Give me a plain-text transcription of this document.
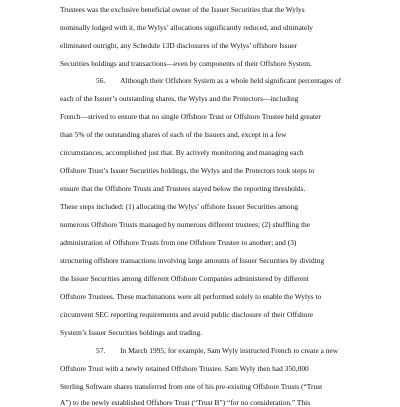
Trustees was the exclusive beneficial owner of the Issuer Securities that the Wylys

nominally lodged with it, the Wylys’ allocations significantly reduced, and ultimately

eliminated outright, any Schedule 13D disclosures of the Wylys’ offshore Issuer

Securities holdings and transactions—even by components of their Offshore System.

56.  Although their Offshore System as a whole held significant percentages of

each of the Issuer’s outstanding shares, the Wylys and the Protectors—including

French—strived to ensure that no single Offshore Trust or Offshore Trustee held greater

than 5% of the outstanding shares of each of the Issuers and, except in a few

circumstances, accomplished just that. By actively monitoring and managing each

Offshore Trust’s Issuer Securities holdings, the Wylys and the Protectors took steps to

ensure that the Offshore Trusts and Trustees stayed below the reporting thresholds.

These steps included: (1) allocating the Wylys’ offshore Issuer Securities among

numerous Offshore Trusts managed by numerous different trustees; (2) shuffling the

administration of Offshore Trusts from one Offshore Trustee to another; and (3)

structuring offshore transactions involving large amounts of Issuer Securities by dividing

the Issuer Securities among different Offshore Companies administered by different

Offshore Trustees. These machinations were all performed solely to enable the Wylys to

circumvent SEC reporting requirements and avoid public disclosure of their Offshore

System’s Issuer Securities holdings and trading.

57.  In March 1995, for example, Sam Wyly instructed French to create a new

Offshore Trust with a newly retained Offshore Trustee. Sam Wyly then had 350,000

Sterling Software shares transferred from one of his pre-existing Offshore Trusts (“Trust

A”) to the newly established Offshore Trust (“Trust B”) “for no consideration.” This
